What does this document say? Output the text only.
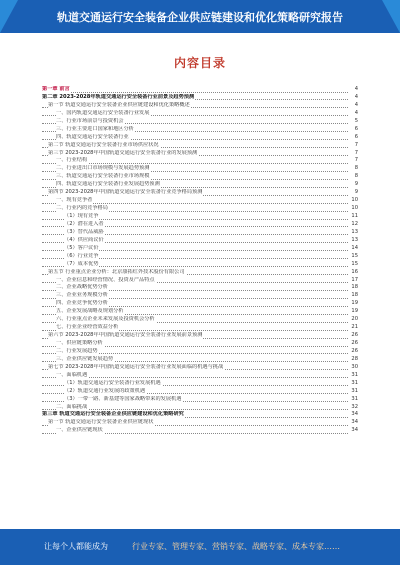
轨道交通运行安全装备企业供应链建设和优化策略研究报告
内容目录
第一章 前言	4
第二章 2023-2028年轨道交通运行安全装备行业前景及趋势预测	4
第一节 轨道交通运行安全装备企业供应链建设和优化策略概述	4
一、国内轨道交通运行安全装备行业发展	4
二、行业市场前景与投资机会	5
三、行业主要进口国家和地区分析	6
四、轨道交通运行安全装备行业	6
第二节 轨道交通运行安全装备行业市场供应状况	7
第三节 2023-2028年中国轨道交通运行安全装备行业的发展预测	7
一、行业结构	7
二、行业进出口市场规模与发展趋势预测	8
三、轨道交通运行安全装备行业市场规模	8
四、轨道交通运行安全装备行业发展趋势预测	9
第四节 2023-2028年中国轨道交通运行安全装备行业竞争格局预测	9
一、现有竞争者	10
二、行业内的竞争格局	10
（1）现有竞争	11
（2）潜在进入者	12
（3）替代品威胁	13
（4）供应商议价	13
（5）客户议价	14
（6）行业竞争	15
（7）成本优势	15
第五节 行业重点企业分析：北京康拓红外技术股份有限公司	16
一、企业信息和经营情况、投资及产品特点	17
二、企业战略优势分析	18
三、企业业务规模分析	18
四、企业竞争优势分析	19
五、企业发展战略及规划分析	19
六、行业重点企业未来发展及投资机会分析	20
七、行业企业经营效益分析	21
第六节 2023-2028年中国轨道交通运行安全装备行业发展前景预测	26
一、供应链策略分析	26
二、行业发展趋势	26
三、企业供应链发展趋势	28
第七节 2023-2028年中国轨道交通运行安全装备行业发展面临的机遇与挑战	30
一、面临机遇	31
（1）轨道交通运行安全装备行业发展机遇	31
（2）轨道交通行业发展的政策机遇	31
（3）一带一路、新基建等国家战略带来的发展机遇	31
二、面临挑战	32
第三章 轨道交通运行安全装备企业供应链建设和优化策略研究	34
第一节 轨道交通运行安全装备企业供应链现状	34
一、企业供应链现状	34
让每个人都能成为	行业专家、管理专家、营销专家、战略专家、成本专家……
